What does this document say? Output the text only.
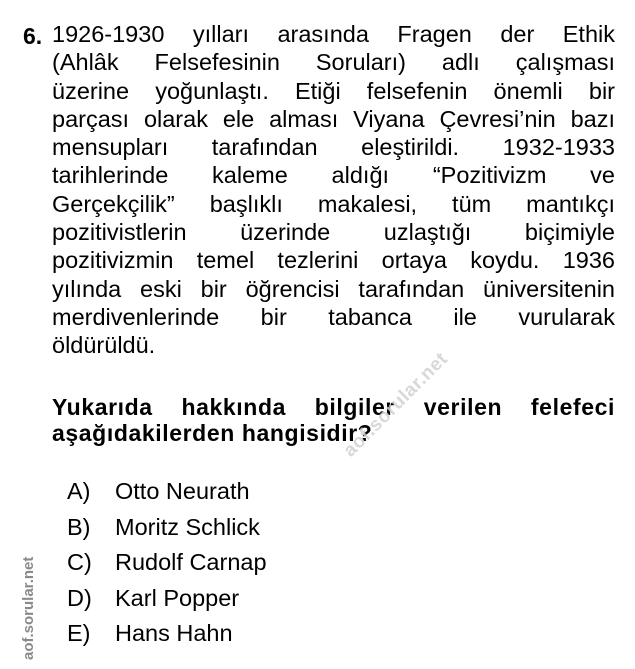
6. 1926-1930 yılları arasında Fragen der Ethik
(Ahlâk Felsefesinin Soruları) adlı çalışması
üzerine yoğunlaştı. Etiği felsefenin önemli bir
parçası olarak ele alması Viyana Çevresi’nin bazı
mensupları tarafından eleştirildi. 1932-1933
tarihlerinde kaleme aldığı “Pozitivizm ve
Gerçekçilik” başlıklı makalesi, tüm mantıkçı
pozitivistlerin üzerinde uzlaştığı biçimiyle
pozitivizmin temel tezlerini ortaya koydu. 1936
yılında eski bir öğrencisi tarafından üniversitenin
merdivenlerinde bir tabanca ile vurularak
öldürüldü.
Yukarıda hakkında bilgiler verilen felefeci
aşağıdakilerden hangisidir?
A)	Otto Neurath
B)	Moritz Schlick
C) Rudolf Carnap
D) Karl Popper
E)	Hans Hahn
aof.sorular.net
aof.sorular.net
